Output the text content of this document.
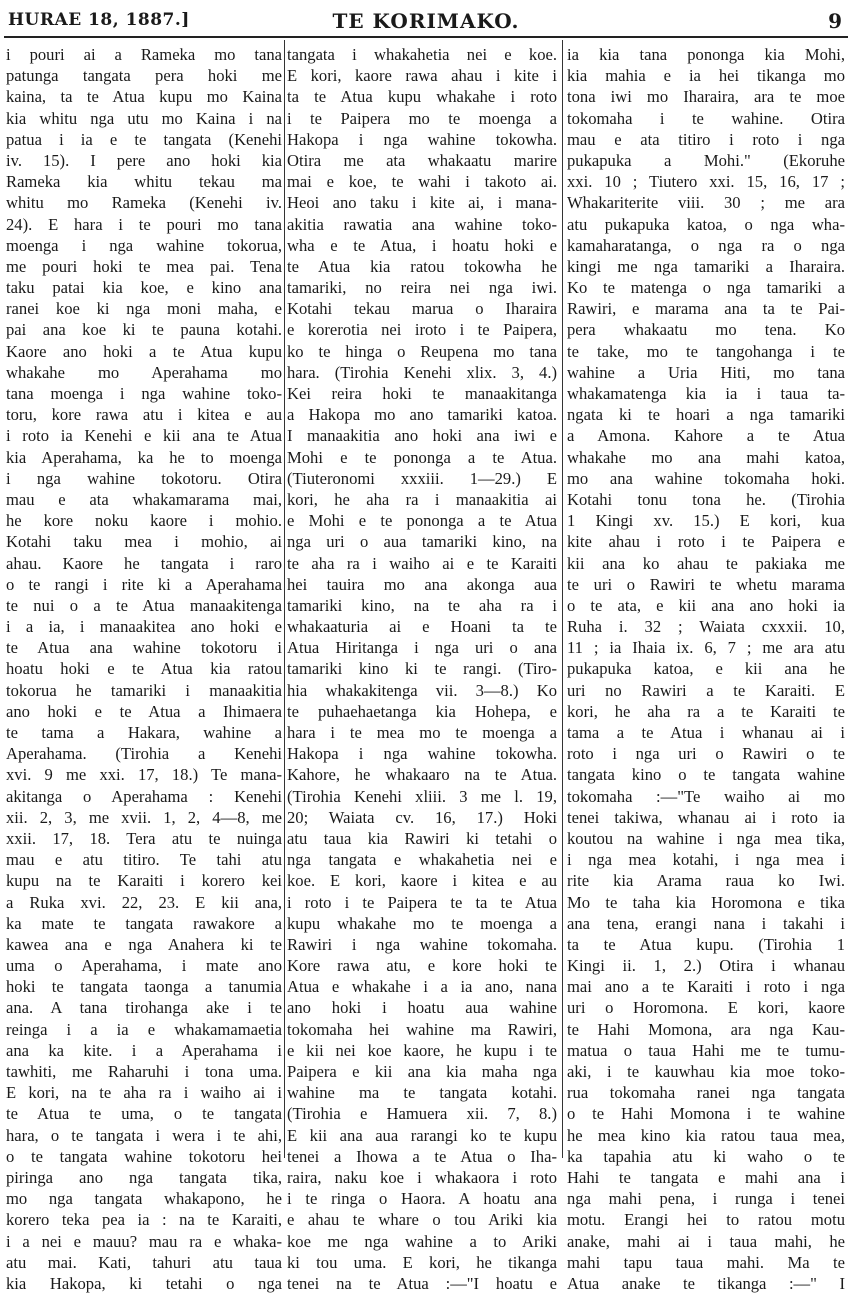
HURAE 18, 1887.]	TE KORIMAKO.	9
i pouri ai a Rameka mo tana
patunga tangata pera hoki me
kaina, ta te Atua kupu mo Kaina
kia whitu nga utu mo Kaina i na
patua i ia e te tangata (Kenehi
iv. 15). I pere ano hoki kia
Rameka kia whitu tekau ma
whitu mo Rameka (Kenehi iv.
24). E hara i te pouri mo tana
moenga i nga wahine tokorua,
me pouri hoki te mea pai. Tena
taku patai kia koe, e kino ana
ranei koe ki nga moni maha, e
pai ana koe ki te pauna kotahi.
Kaore ano hoki a te Atua kupu
whakahe mo Aperahama mo
tana moenga i nga wahine toko-
toru, kore rawa atu i kitea e au
i roto ia Kenehi e kii ana te Atua
kia Aperahama, ka he to moenga
i nga wahine tokotoru. Otira
mau e ata whakamarama mai,
he kore noku kaore i mohio.
Kotahi taku mea i mohio, ai
ahau. Kaore he tangata i raro
o te rangi i rite ki a Aperahama
te nui o a te Atua manaakitenga
i a ia, i manaakitea ano hoki e
te Atua ana wahine tokotoru i
hoatu hoki e te Atua kia ratou
tokorua he tamariki i manaakitia
ano hoki e te Atua a Ihimaera
te tama a Hakara, wahine a
Aperahama. (Tirohia a Kenehi
xvi. 9 me xxi. 17, 18.) Te mana-
akitanga o Aperahama : Kenehi
xii. 2, 3, me xvii. 1, 2, 4—8, me
xxii. 17, 18. Tera atu te nuinga
mau e atu titiro. Te tahi atu
kupu na te Karaiti i korero kei
a Ruka xvi. 22, 23. E kii ana,
ka mate te tangata rawakore a
kawea ana e nga Anahera ki te
uma o Aperahama, i mate ano
hoki te tangata taonga a tanumia
ana. A tana tirohanga ake i te
reinga i a ia e whakamamaetia
ana ka kite. i a Aperahama i
tawhiti, me Raharuhi i tona uma.
E kori, na te aha ra i waiho ai i
te Atua te uma, o te tangata
hara, o te tangata i wera i te ahi,
o te tangata wahine tokotoru hei
piringa ano nga tangata tika,
mo nga tangata whakapono, he
korero teka pea ia : na te Karaiti,
i a nei e mauu? mau ra e whaka-
atu mai. Kati, tahuri atu taua
kia Hakopa, ki tetahi o nga
tangata i whakahetia nei e koe.
E kori, kaore rawa ahau i kite i
ta te Atua kupu whakahe i roto
i te Paipera mo te moenga a
Hakopa i nga wahine tokowha.
Otira me ata whakaatu marire
mai e koe, te wahi i takoto ai.
Heoi ano taku i kite ai, i mana-
akitia rawatia ana wahine toko-
wha e te Atua, i hoatu hoki e
te Atua kia ratou tokowha he
tamariki, no reira nei nga iwi.
Kotahi tekau marua o Iharaira
e korerotia nei iroto i te Paipera,
ko te hinga o Reupena mo tana
hara. (Tirohia Kenehi xlix. 3, 4.)
Kei reira hoki te manaakitanga
a Hakopa mo ano tamariki katoa.
I manaakitia ano hoki ana iwi e
Mohi e te pononga a te Atua.
(Tiuteronomi xxxiii. 1—29.) E
kori, he aha ra i manaakitia ai
e Mohi e te pononga a te Atua
nga uri o aua tamariki kino, na
te aha ra i waiho ai e te Karaiti
hei tauira mo ana akonga aua
tamariki kino, na te aha ra i
whakaaturia ai e Hoani ta te
Atua Hiritanga i nga uri o ana
tamariki kino ki te rangi. (Tiro-
hia whakakitenga vii. 3—8.) Ko
te puhaehaetanga kia Hohepa, e
hara i te mea mo te moenga a
Hakopa i nga wahine tokowha.
Kahore, he whakaaro na te Atua.
(Tirohia Kenehi xliii. 3 me l. 19,
20; Waiata cv. 16, 17.) Hoki
atu taua kia Rawiri ki tetahi o
nga tangata e whakahetia nei e
koe. E kori, kaore i kitea e au
i roto i te Paipera te ta te Atua
kupu whakahe mo te moenga a
Rawiri i nga wahine tokomaha.
Kore rawa atu, e kore hoki te
Atua e whakahe i a ia ano, nana
ano hoki i hoatu aua wahine
tokomaha hei wahine ma Rawiri,
e kii nei koe kaore, he kupu i te
Paipera e kii ana kia maha nga
wahine ma te tangata kotahi.
(Tirohia e Hamuera xii. 7, 8.)
E kii ana aua rarangi ko te kupu
tenei a Ihowa a te Atua o Iha-
raira, naku koe i whakaora i roto
i te ringa o Haora. A hoatu ana
e ahau te whare o tou Ariki kia
koe me nga wahine a to Ariki
ki tou uma. E kori, he tikanga
tenei na te Atua :—"I hoatu e
ia kia tana pononga kia Mohi,
kia mahia e ia hei tikanga mo
tona iwi mo Iharaira, ara te moe
tokomaha i te wahine. Otira
mau e ata titiro i roto i nga
pukapuka a Mohi." (Ekoruhe
xxi. 10 ; Tiutero xxi. 15, 16, 17 ;
Whakariterite viii. 30 ; me ara
atu pukapuka katoa, o nga wha-
kamaharatanga, o nga ra o nga
kingi me nga tamariki a Iharaira.
Ko te matenga o nga tamariki a
Rawiri, e marama ana ta te Pai-
pera whakaatu mo tena. Ko
te take, mo te tangohanga i te
wahine a Uria Hiti, mo tana
whakamatenga kia ia i taua ta-
ngata ki te hoari a nga tamariki
a Amona. Kahore a te Atua
whakahe mo ana mahi katoa,
mo ana wahine tokomaha hoki.
Kotahi tonu tona he. (Tirohia
1 Kingi xv. 15.) E kori, kua
kite ahau i roto i te Paipera e
kii ana ko ahau te pakiaka me
te uri o Rawiri te whetu marama
o te ata, e kii ana ano hoki ia
Ruha i. 32 ; Waiata cxxxii. 10,
11 ; ia Ihaia ix. 6, 7 ; me ara atu
pukapuka katoa, e kii ana he
uri no Rawiri a te Karaiti. E
kori, he aha ra a te Karaiti te
tama a te Atua i whanau ai i
roto i nga uri o Rawiri o te
tangata kino o te tangata wahine
tokomaha :—"Te waiho ai mo
tenei takiwa, whanau ai i roto ia
koutou na wahine i nga mea tika,
i nga mea kotahi, i nga mea i
rite kia Arama raua ko Iwi.
Mo te taha kia Horomona e tika
ana tena, erangi nana i takahi i
ta te Atua kupu. (Tirohia 1
Kingi ii. 1, 2.) Otira i whanau
mai ano a te Karaiti i roto i nga
uri o Horomona. E kori, kaore
te Hahi Momona, ara nga Kau-
matua o taua Hahi me te tumu-
aki, i te kauwhau kia moe toko-
rua tokomaha ranei nga tangata
o te Hahi Momona i te wahine
he mea kino kia ratou taua mea,
ka tapahia atu ki waho o te
Hahi te tangata e mahi ana i
nga mahi pena, i runga i tenei
motu. Erangi hei to ratou motu
anake, mahi ai i taua mahi, he
mahi tapu taua mahi. Ma te
Atua anake te tikanga :—" I
